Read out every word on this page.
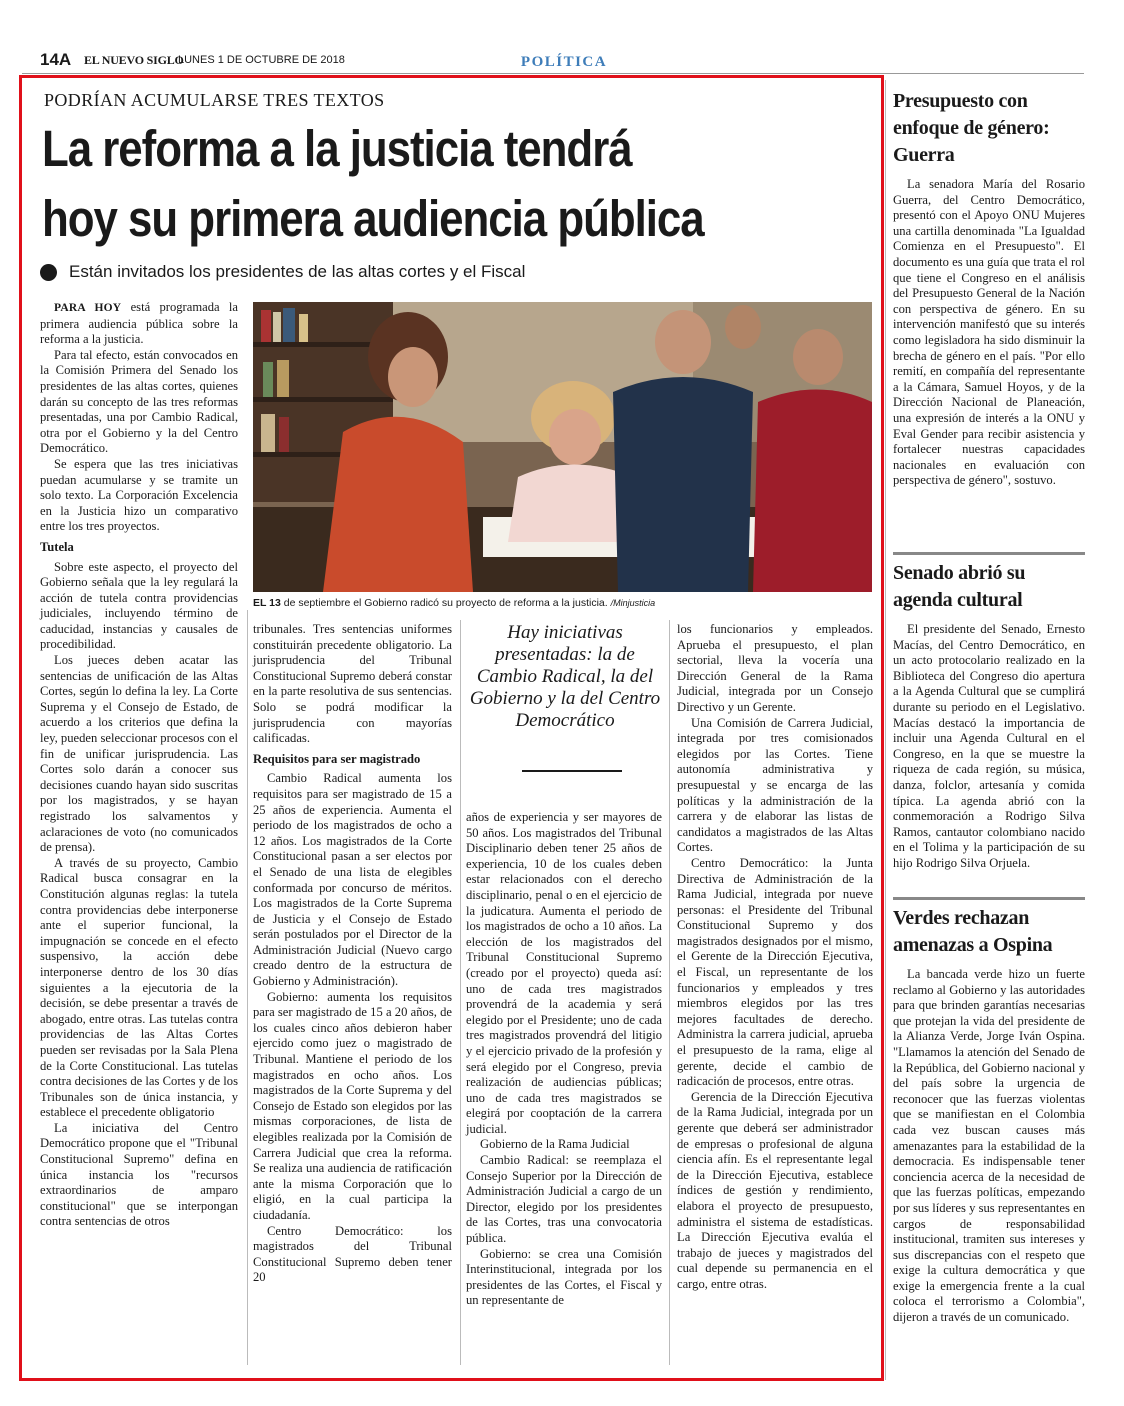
14A EL NUEVO SIGLO
LUNES 1 DE OCTUBRE DE 2018	POLÍTICA
PODRÍAN ACUMULARSE TRES TEXTOS
La reforma a la justicia tendrá
hoy su primera audiencia pública
Están invitados los presidentes de las altas cortes y el Fiscal
EL 13 de septiembre el Gobierno radicó su proyecto de reforma a la justicia. /Minjusticia
Hay iniciativas presentadas: la de Cambio Radical, la del Gobierno y la del Centro Democrático

PARA HOY está programada la primera audiencia pública sobre la reforma a la justicia.

Para tal efecto, están convocados en la Comisión Primera del Senado los presidentes de las altas cortes, quienes darán su concepto de las tres reformas presentadas, una por Cambio Radical, otra por el Gobierno y la del Centro Democrático.

Se espera que las tres iniciativas puedan acumularse y se tramite un solo texto. La Corporación Excelencia en la Justicia hizo un comparativo entre los tres proyectos.

Tutela

Sobre este aspecto, el proyecto del Gobierno señala que la ley regulará la acción de tutela contra providencias judiciales, incluyendo término de caducidad, instancias y causales de procedibilidad.

Los jueces deben acatar las sentencias de unificación de las Altas Cortes, según lo defina la ley. La Corte Suprema y el Consejo de Estado, de acuerdo a los criterios que defina la ley, pueden seleccionar procesos con el fin de unificar jurisprudencia. Las Cortes solo darán a conocer sus decisiones cuando hayan sido suscritas por los magistrados, y se hayan registrado los salvamentos y aclaraciones de voto (no comunicados de prensa).

A través de su proyecto, Cambio Radical busca consagrar en la Constitución algunas reglas: la tutela contra providencias debe interponerse ante el superior funcional, la impugnación se concede en el efecto suspensivo, la acción debe interponerse dentro de los 30 días siguientes a la ejecutoria de la decisión, se debe presentar a través de abogado, entre otras. Las tutelas contra providencias de las Altas Cortes pueden ser revisadas por la Sala Plena de la Corte Constitucional. Las tutelas contra decisiones de las Cortes y de los Tribunales son de única instancia, y establece el precedente obligatorio

La iniciativa del Centro Democrático propone que el "Tribunal Constitucional Supremo" defina en única instancia los "recursos extraordinarios de amparo constitucional" que se interpongan contra sentencias de otros

tribunales. Tres sentencias uniformes constituirán precedente obligatorio. La jurisprudencia del Tribunal Constitucional Supremo deberá constar en la parte resolutiva de sus sentencias. Solo se podrá modificar la jurisprudencia con mayorías calificadas.

Requisitos para ser magistrado

Cambio Radical aumenta los requisitos para ser magistrado de 15 a 25 años de experiencia. Aumenta el periodo de los magistrados de ocho a 12 años. Los magistrados de la Corte Constitucional pasan a ser electos por el Senado de una lista de elegibles conformada por concurso de méritos. Los magistrados de la Corte Suprema de Justicia y el Consejo de Estado serán postulados por el Director de la Administración Judicial (Nuevo cargo creado dentro de la estructura de Gobierno y Administración).

Gobierno: aumenta los requisitos para ser magistrado de 15 a 20 años, de los cuales cinco años debieron haber ejercido como juez o magistrado de Tribunal. Mantiene el periodo de los magistrados en ocho años. Los magistrados de la Corte Suprema y del Consejo de Estado son elegidos por las mismas corporaciones, de lista de elegibles realizada por la Comisión de Carrera Judicial que crea la reforma. Se realiza una audiencia de ratificación ante la misma Corporación que lo eligió, en la cual participa la ciudadanía.

Centro Democrático: los magistrados del Tribunal Constitucional Supremo deben tener 20

años de experiencia y ser mayores de 50 años. Los magistrados del Tribunal Disciplinario deben tener 25 años de experiencia, 10 de los cuales deben estar relacionados con el derecho disciplinario, penal o en el ejercicio de la judicatura. Aumenta el periodo de los magistrados de ocho a 10 años. La elección de los magistrados del Tribunal Constitucional Supremo (creado por el proyecto) queda así: uno de cada tres magistrados provendrá de la academia y será elegido por el Presidente; uno de cada tres magistrados provendrá del litigio y el ejercicio privado de la profesión y será elegido por el Congreso, previa realización de audiencias públicas; uno de cada tres magistrados se elegirá por cooptación de la carrera judicial.

Gobierno de la Rama Judicial

Cambio Radical: se reemplaza el Consejo Superior por la Dirección de Administración Judicial a cargo de un Director, elegido por los presidentes de las Cortes, tras una convocatoria pública.

Gobierno: se crea una Comisión Interinstitucional, integrada por los presidentes de las Cortes, el Fiscal y un representante de

los funcionarios y empleados. Aprueba el presupuesto, el plan sectorial, lleva la vocería una Dirección General de la Rama Judicial, integrada por un Consejo Directivo y un Gerente.

Una Comisión de Carrera Judicial, integrada por tres comisionados elegidos por las Cortes. Tiene autonomía administrativa y presupuestal y se encarga de las políticas y la administración de la carrera y de elaborar las listas de candidatos a magistrados de las Altas Cortes.

Centro Democrático: la Junta Directiva de Administración de la Rama Judicial, integrada por nueve personas: el Presidente del Tribunal Constitucional Supremo y dos magistrados designados por el mismo, el Gerente de la Dirección Ejecutiva, el Fiscal, un representante de los funcionarios y empleados y tres miembros elegidos por las tres mejores facultades de derecho. Administra la carrera judicial, aprueba el presupuesto de la rama, elige al gerente, decide el cambio de radicación de procesos, entre otras.

Gerencia de la Dirección Ejecutiva de la Rama Judicial, integrada por un gerente que deberá ser administrador de empresas o profesional de alguna ciencia afín. Es el representante legal de la Dirección Ejecutiva, establece índices de gestión y rendimiento, elabora el proyecto de presupuesto, administra el sistema de estadísticas. La Dirección Ejecutiva evalúa el trabajo de jueces y magistrados del cual depende su permanencia en el cargo, entre otras.

Presupuesto con enfoque de género: Guerra

La senadora María del Rosario Guerra, del Centro Democrático, presentó con el Apoyo ONU Mujeres una cartilla denominada "La Igualdad Comienza en el Presupuesto". El documento es una guía que trata el rol que tiene el Congreso en el análisis del Presupuesto General de la Nación con perspectiva de género. En su intervención manifestó que su interés como legisladora ha sido disminuir la brecha de género en el país. "Por ello remití, en compañía del representante a la Cámara, Samuel Hoyos, y de la Dirección Nacional de Planeación, una expresión de interés a la ONU y Eval Gender para recibir asistencia y fortalecer nuestras capacidades nacionales en evaluación con perspectiva de género", sostuvo.

Senado abrió su agenda cultural

El presidente del Senado, Ernesto Macías, del Centro Democrático, en un acto protocolario realizado en la Biblioteca del Congreso dio apertura a la Agenda Cultural que se cumplirá durante su periodo en el Legislativo. Macías destacó la importancia de incluir una Agenda Cultural en el Congreso, en la que se muestre la riqueza de cada región, su música, danza, folclor, artesanía y comida típica. La agenda abrió con la conmemoración a Rodrigo Silva Ramos, cantautor colombiano nacido en el Tolima y la participación de su hijo Rodrigo Silva Orjuela.

Verdes rechazan amenazas a Ospina

La bancada verde hizo un fuerte reclamo al Gobierno y las autoridades para que brinden garantías necesarias que protejan la vida del presidente de la Alianza Verde, Jorge Iván Ospina. "Llamamos la atención del Senado de la República, del Gobierno nacional y del país sobre la urgencia de reconocer que las fuerzas violentas que se manifiestan en el Colombia cada vez buscan causes más amenazantes para la estabilidad de la democracia. Es indispensable tener conciencia acerca de la necesidad de que las fuerzas políticas, empezando por sus líderes y sus representantes en cargos de responsabilidad institucional, tramiten sus intereses y sus discrepancias con el respeto que exige la cultura democrática y que exige la emergencia frente a la cual coloca el terrorismo a Colombia", dijeron a través de un comunicado.
